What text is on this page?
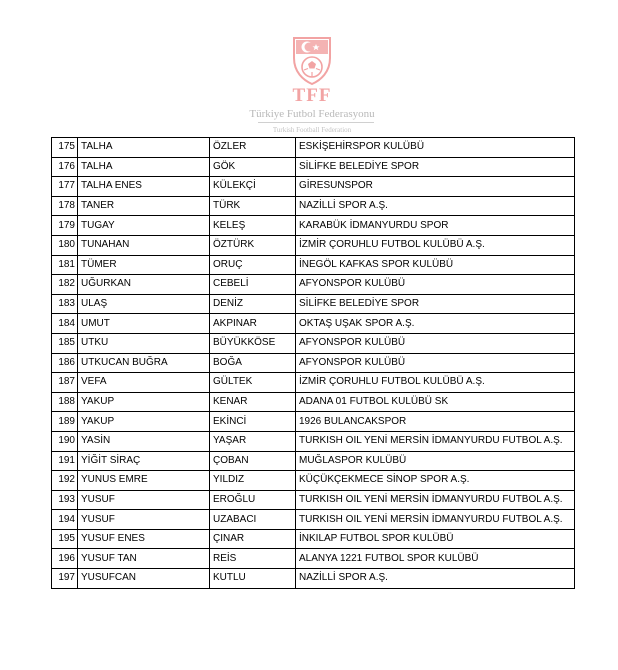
TFF
Türkiye Futbol Federasyonu
Turkish Football Federation
175	TALHA	ÖZLER	ESKİŞEHİRSPOR KULÜBÜ
176	TALHA	GÖK	SİLİFKE BELEDİYE SPOR
177	TALHA ENES	KÜLEKÇİ	GİRESUNSPOR
178	TANER	TÜRK	NAZİLLİ SPOR A.Ş.
179	TUGAY	KELEŞ	KARABÜK İDMANYURDU SPOR
180	TUNAHAN	ÖZTÜRK	İZMİR ÇORUHLU FUTBOL KULÜBÜ A.Ş.
181	TÜMER	ORUÇ	İNEGÖL KAFKAS SPOR KULÜBÜ
182	UĞURKAN	CEBELİ	AFYONSPOR KULÜBÜ
183	ULAŞ	DENİZ	SİLİFKE BELEDİYE SPOR
184	UMUT	AKPINAR	OKTAŞ UŞAK SPOR A.Ş.
185	UTKU	BÜYÜKKÖSE	AFYONSPOR KULÜBÜ
186	UTKUCAN BUĞRA	BOĞA	AFYONSPOR KULÜBÜ
187	VEFA	GÜLTEK	İZMİR ÇORUHLU FUTBOL KULÜBÜ A.Ş.
188	YAKUP	KENAR	ADANA 01 FUTBOL KULÜBÜ SK
189	YAKUP	EKİNCİ	1926 BULANCAKSPOR
190	YASİN	YAŞAR	TURKISH OIL YENİ MERSİN İDMANYURDU FUTBOL A.Ş.
191	YİĞİT SİRAÇ	ÇOBAN	MUĞLASPOR KULÜBÜ
192	YUNUS EMRE	YILDIZ	KÜÇÜKÇEKMECE SİNOP SPOR A.Ş.
193	YUSUF	EROĞLU	TURKISH OIL YENİ MERSİN İDMANYURDU FUTBOL A.Ş.
194	YUSUF	UZABACI	TURKISH OIL YENİ MERSİN İDMANYURDU FUTBOL A.Ş.
195	YUSUF ENES	ÇINAR	İNKILAP FUTBOL SPOR KULÜBÜ
196	YUSUF TAN	REİS	ALANYA 1221 FUTBOL SPOR KULÜBÜ
197	YUSUFCAN	KUTLU	NAZİLLİ SPOR A.Ş.
